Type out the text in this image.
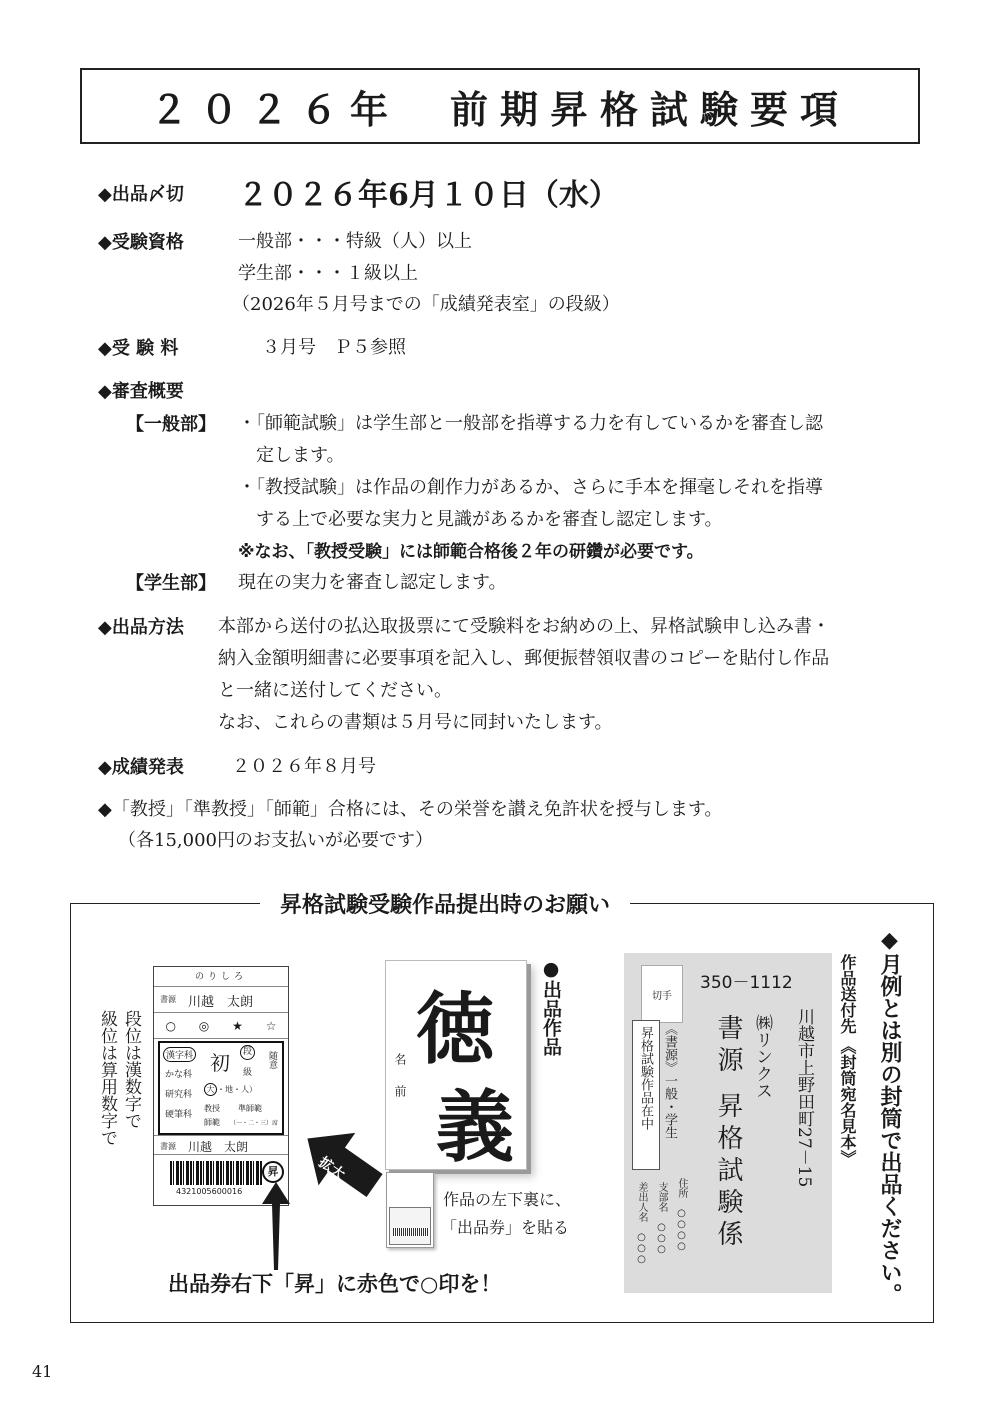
２０２６年　前期昇格試験要項
◆出品〆切 ２０２６年6月１０日（水）
◆受験資格	一般部・・・特級（人）以上
学生部・・・１級以上
（2026年５月号までの「成績発表室」の段級）
◆受 験 料	３月号　Ｐ５参照
◆審査概要
【一般部】 ・「師範試験」は学生部と一般部を指導する力を有しているかを審査し認
定します。
・「教授試験」は作品の創作力があるか、さらに手本を揮毫しそれを指導
する上で必要な実力と見識があるかを審査し認定します。
※なお、「教授受験」には師範合格後２年の研鑽が必要です。
【学生部】 現在の実力を審査し認定します。
◆出品方法 本部から送付の払込取扱票にて受験料をお納めの上、昇格試験申し込み書・
納入金額明細書に必要事項を記入し、郵便振替領収書のコピーを貼付し作品
と一緒に送付してください。
なお、これらの書類は５月号に同封いたします。
◆成績発表	２０２６年８月号
◆「教授」「準教授」「師範」合格には、その栄誉を讃え免許状を授与します。
（各15,000円のお支払いが必要です）
昇格試験受験作品提出時のお願い
段位は漢数字で
級位は算用数字で
のりしろ
書源 川越　太朗
○ ◎ ★ ☆
漢字科
かな科
研究科
硬筆科
初	段
級
大 ・地・人）
随意
教授 準師範
師範 （一・二・三）席
書源 川越　太朗
4321005600016
昇	拡大
出品券右下「昇」に赤色で○印を！
徳
義
名前
●出品作品
作品の左下裏に、
「出品券」を貼る
切手
350－1112
昇格試験作品在中 《書源》一般・学生	㈱リンクス
書源
昇格試験係	川越市上野田町27－15
住所　○○○○
支部名　○○○
差出人名　○○○
作品送付先
《封筒宛名見本》 ◆月例とは別の封筒で出品ください。
41
